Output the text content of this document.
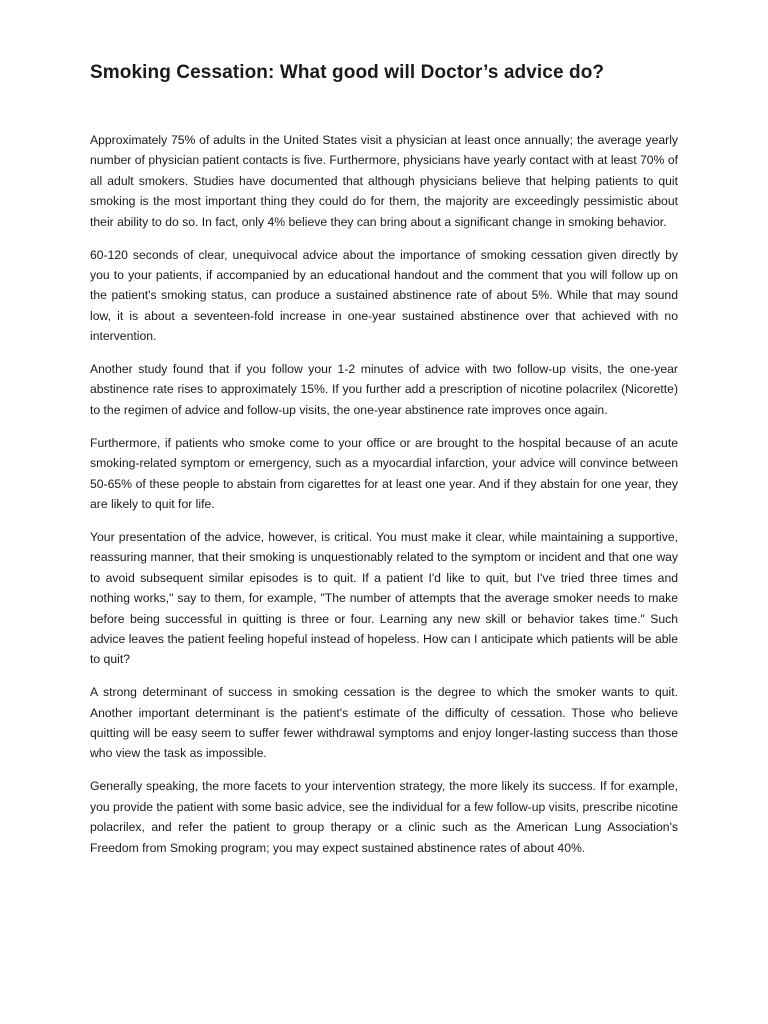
Smoking Cessation: What good will Doctor’s advice do?

Approximately 75% of adults in the United States visit a physician at least once annually; the average yearly number of physician patient contacts is five. Furthermore, physicians have yearly contact with at least 70% of all adult smokers. Studies have documented that although physicians believe that helping patients to quit smoking is the most important thing they could do for them, the majority are exceedingly pessimistic about their ability to do so. In fact, only 4% believe they can bring about a significant change in smoking behavior.

60-120 seconds of clear, unequivocal advice about the importance of smoking cessation given directly by you to your patients, if accompanied by an educational handout and the comment that you will follow up on the patient's smoking status, can produce a sustained abstinence rate of about 5%. While that may sound low, it is about a seventeen-fold increase in one-year sustained abstinence over that achieved with no intervention.

Another study found that if you follow your 1-2 minutes of advice with two follow-up visits, the one-year abstinence rate rises to approximately 15%. If you further add a prescription of nicotine polacrilex (Nicorette) to the regimen of advice and follow-up visits, the one-year abstinence rate improves once again.

Furthermore, if patients who smoke come to your office or are brought to the hospital because of an acute smoking-related symptom or emergency, such as a myocardial infarction, your advice will convince between 50-65% of these people to abstain from cigarettes for at least one year. And if they abstain for one year, they are likely to quit for life.

Your presentation of the advice, however, is critical. You must make it clear, while maintaining a supportive, reassuring manner, that their smoking is unquestionably related to the symptom or incident and that one way to avoid subsequent similar episodes is to quit. If a patient I'd like to quit, but I've tried three times and nothing works," say to them, for example, "The number of attempts that the average smoker needs to make before being successful in quitting is three or four. Learning any new skill or behavior takes time." Such advice leaves the patient feeling hopeful instead of hopeless. How can I anticipate which patients will be able to quit?

A strong determinant of success in smoking cessation is the degree to which the smoker wants to quit. Another important determinant is the patient's estimate of the difficulty of cessation. Those who believe quitting will be easy seem to suffer fewer withdrawal symptoms and enjoy longer-lasting success than those who view the task as impossible.

Generally speaking, the more facets to your intervention strategy, the more likely its success. If for example, you provide the patient with some basic advice, see the individual for a few follow-up visits, prescribe nicotine polacrilex, and refer the patient to group therapy or a clinic such as the American Lung Association's Freedom from Smoking program; you may expect sustained abstinence rates of about 40%.
